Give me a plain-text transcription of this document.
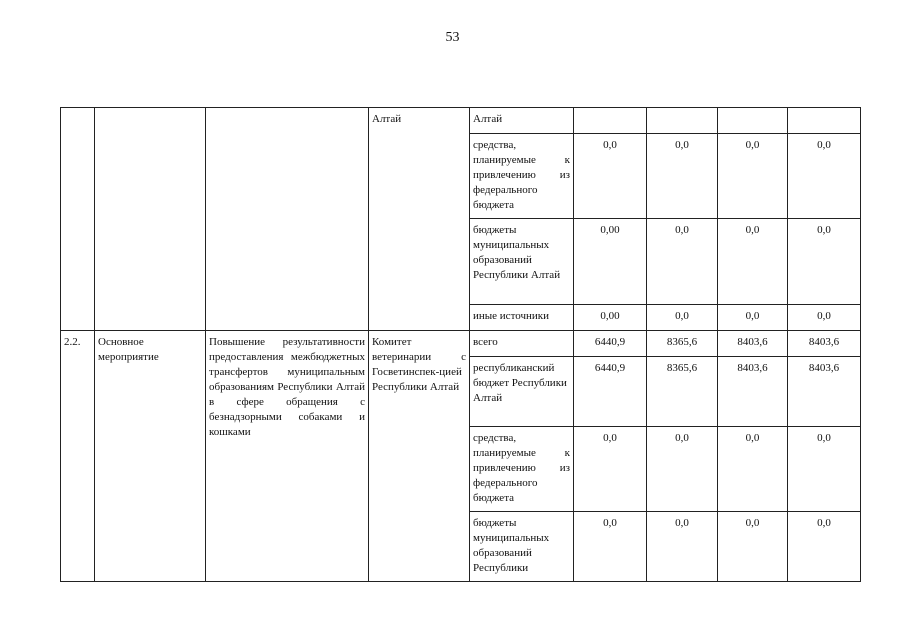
53
			Алтай	Алтай				
				средства, планируемые к привлечению из федерального бюджета	0,0	0,0	0,0	0,0
				бюджеты муниципальных образований Республики Алтай	0,00	0,0	0,0	0,0
				иные источники	0,00	0,0	0,0	0,0
2.2.	Основное мероприятие	Повышение результативности предоставления межбюджетных трансфертов муниципальным образованиям Республики Алтай в сфере обращения с безнадзорными собаками и кошками	Комитет ветеринарии с Госветинспек-цией Республики Алтай	всего	6440,9	8365,6	8403,6	8403,6
				республиканский бюджет Республики Алтай	6440,9	8365,6	8403,6	8403,6
				средства, планируемые к привлечению из федерального бюджета	0,0	0,0	0,0	0,0
				бюджеты муниципальных образований Республики	0,0	0,0	0,0	0,0
